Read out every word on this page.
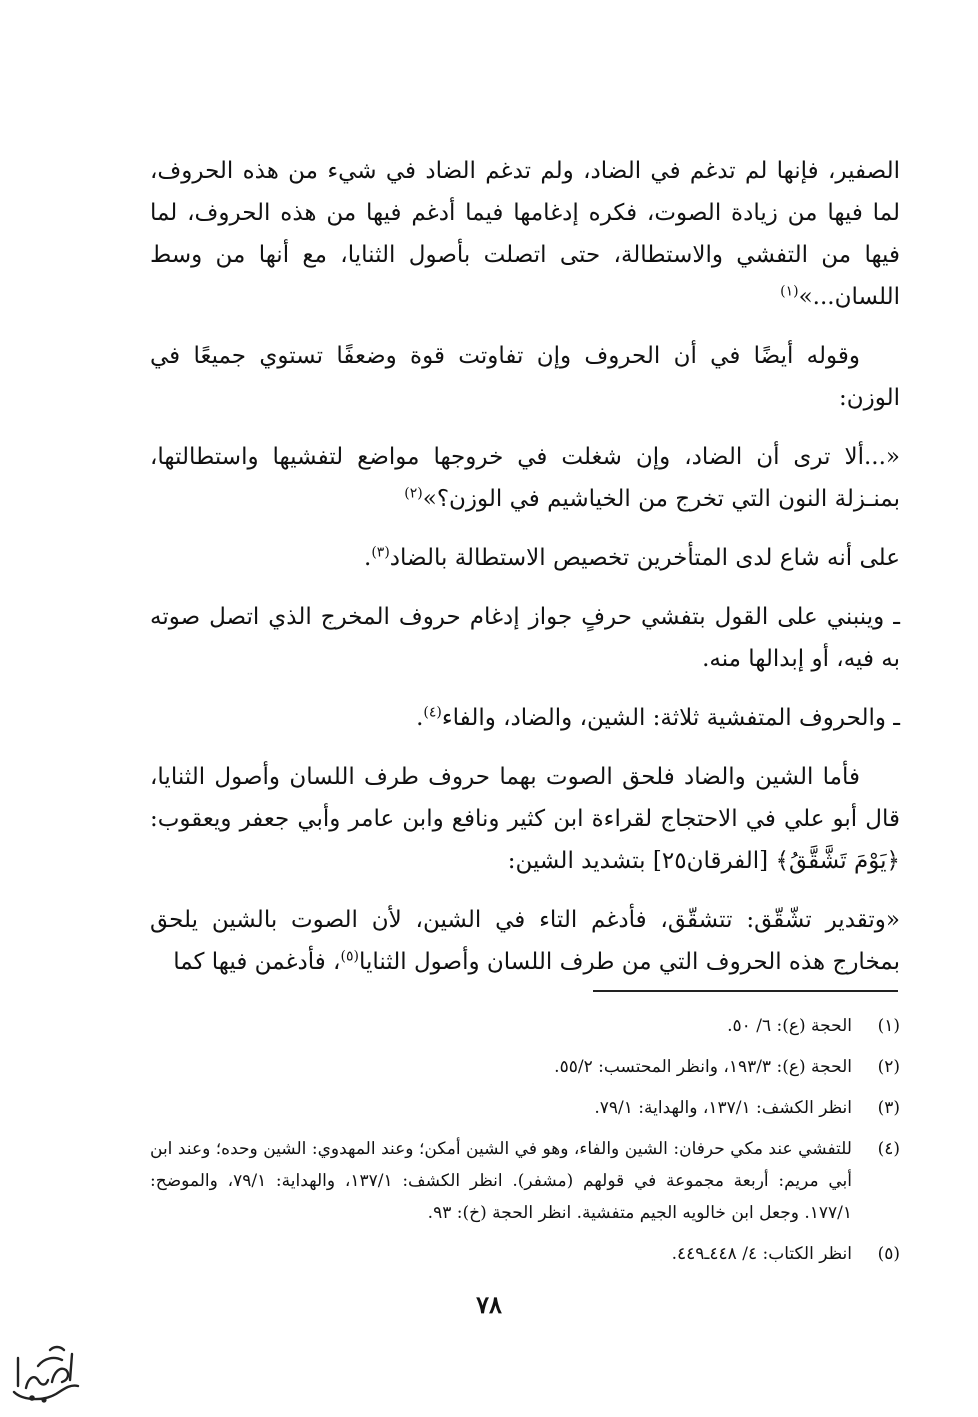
الصفير، فإنها لم تدغم في الضاد، ولم تدغم الضاد في شيء من هذه الحروف، لما فيها من زيادة الصوت، فكره إدغامها فيما أدغم فيها من هذه الحروف، لما فيها من التفشي والاستطالة، حتى اتصلت بأصول الثنايا، مع أنها من وسط اللسان...»$^{(١)}$

وقوله أيضًا في أن الحروف وإن تفاوتت قوة وضعفًا تستوي جميعًا في الوزن:

«...ألا ترى أن الضاد، وإن شغلت في خروجها مواضع لتفشيها واستطالتها، بمنـزلة النون التي تخرج من الخياشيم في الوزن؟»$^{(٢)}$

على أنه شاع لدى المتأخرين تخصيص الاستطالة بالضاد$^{(٣)}$.

ـ وينبني على القول بتفشي حرفٍ جواز إدغام حروف المخرج الذي اتصل صوته به فيه، أو إبدالها منه.

ـ والحروف المتفشية ثلاثة: الشين، والضاد، والفاء$^{(٤)}$.

فأما الشين والضاد فلحق الصوت بهما حروف طرف اللسان وأصول الثنايا، قال أبو علي في الاحتجاج لقراءة ابن كثير ونافع وابن عامر وأبي جعفر ويعقوب: ﴿يَوْمَ تَشَّقَّقُ﴾ [الفرقان٢٥] بتشديد الشين:

«وتقدير تشّقّق: تتشقّق، فأدغم التاء في الشين، لأن الصوت بالشين يلحق بمخارج هذه الحروف التي من طرف اللسان وأصول الثنايا$^{(٥)}$، فأدغمن فيها كما

(١)
الحجة (ع): ٦/ ٥٠.
(٢)
الحجة (ع): ١٩٣/٣، وانظر المحتسب: ٥٥/٢.
(٣)
انظر الكشف: ١٣٧/١، والهداية: ٧٩/١.
(٤)
للتفشي عند مكي حرفان: الشين والفاء، وهو في الشين أمكن؛ وعند المهدوي: الشين وحده؛ وعند ابن أبي مريم: أربعة مجموعة في قولهم (مشفر). انظر الكشف: ١٣٧/١، والهداية: ٧٩/١، والموضح: ١٧٧/١. وجعل ابن خالويه الجيم متفشية. انظر الحجة (خ): ٩٣.
(٥)
انظر الكتاب: ٤/ ٤٤٨ـ٤٤٩.
٧٨
